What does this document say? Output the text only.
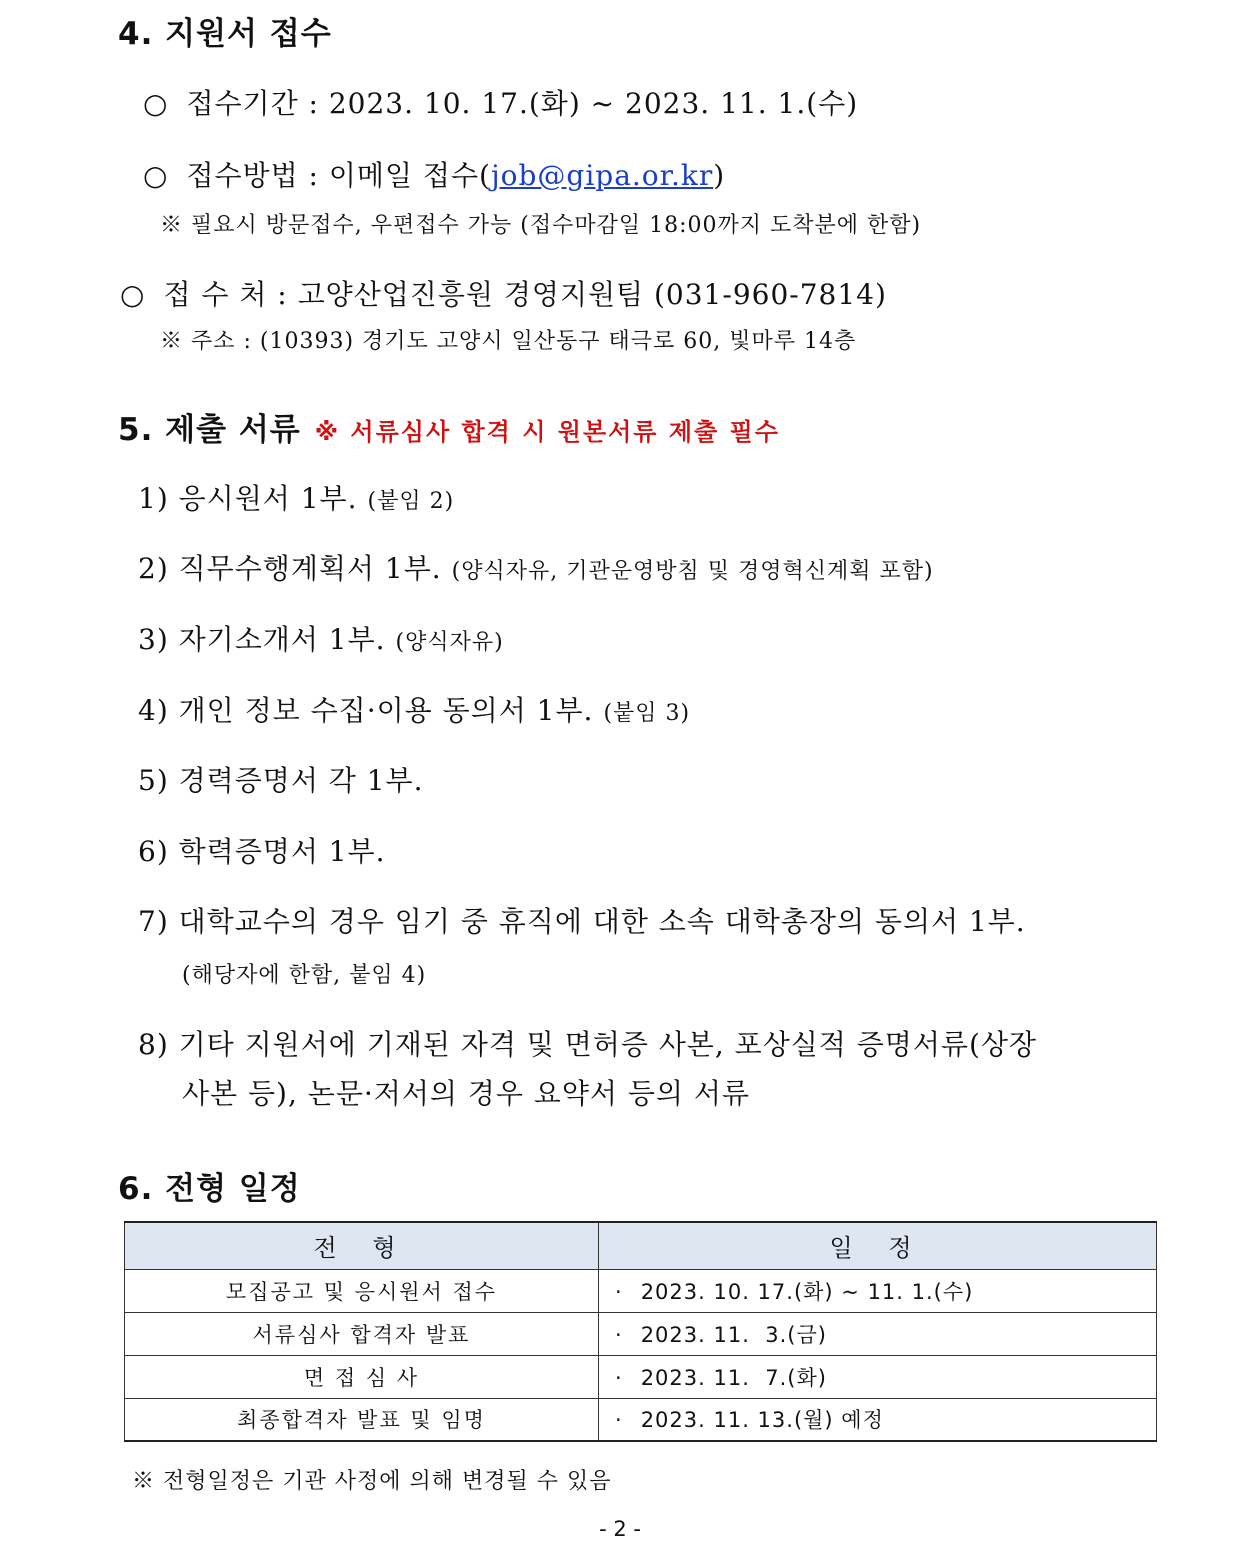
4. 지원서 접수
○ 접수기간 : 2023. 10. 17.(화) ~ 2023. 11. 1.(수)
○ 접수방법 : 이메일 접수(job@gipa.or.kr)
※ 필요시 방문접수, 우편접수 가능 (접수마감일 18:00까지 도착분에 한함)
○ 접 수 처 : 고양산업진흥원 경영지원팀 (031-960-7814)
※ 주소 : (10393) 경기도 고양시 일산동구 태극로 60, 빛마루 14층
5. 제출 서류 ※ 서류심사 합격 시 원본서류 제출 필수
1) 응시원서 1부. (붙임 2)
2) 직무수행계획서 1부. (양식자유, 기관운영방침 및 경영혁신계획 포함)
3) 자기소개서 1부. (양식자유)
4) 개인 정보 수집·이용 동의서 1부. (붙임 3)
5) 경력증명서 각 1부.
6) 학력증명서 1부.
7) 대학교수의 경우 임기 중 휴직에 대한 소속 대학총장의 동의서 1부.
(해당자에 한함, 붙임 4)
8) 기타 지원서에 기재된 자격 및 면허증 사본, 포상실적 증명서류(상장
사본 등), 논문·저서의 경우 요약서 등의 서류
6. 전형 일정
전 형	일 정
모집공고 및 응시원서 접수	· 2023. 10. 17.(화) ~ 11. 1.(수)
서류심사 합격자 발표	· 2023. 11.  3.(금)
면 접 심 사	· 2023. 11.  7.(화)
최종합격자 발표 및 임명	· 2023. 11. 13.(월) 예정
※ 전형일정은 기관 사정에 의해 변경될 수 있음
- 2 -
